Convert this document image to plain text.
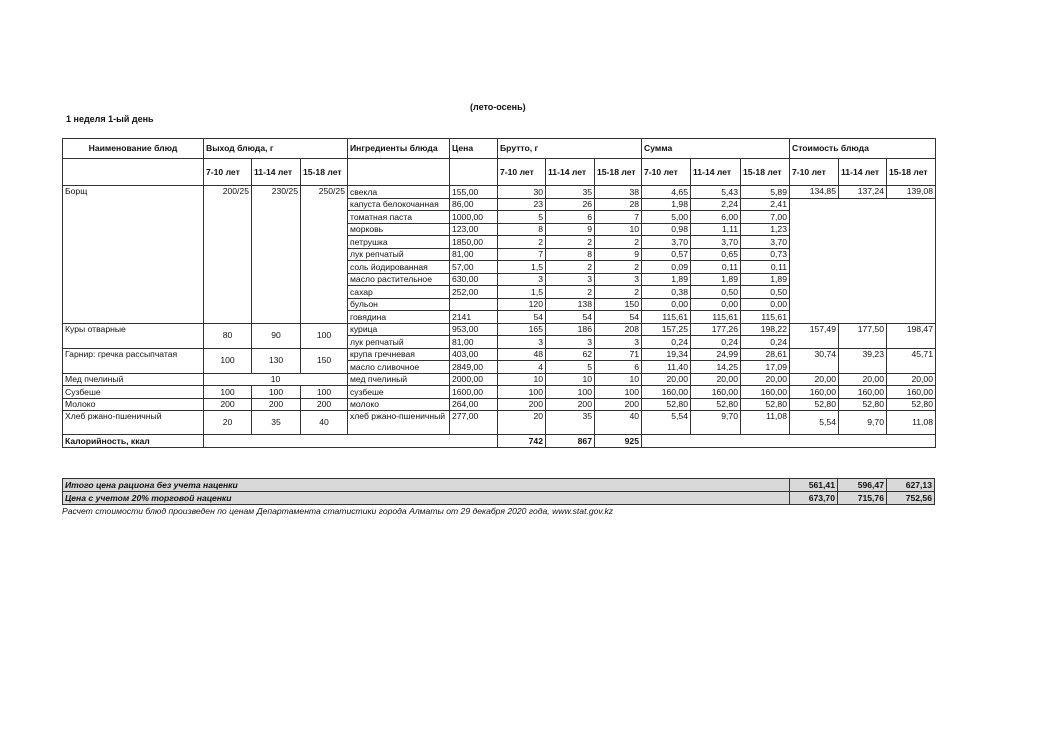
(лето-осень)
1 неделя 1-ый день
Наименование блюд	Выход блюда, г			Ингредиенты блюда	Цена	Брутто, г			Сумма			Стоимость блюда		
	7-10 лет	11-14 лет	15-18 лет			7-10 лет	11-14 лет	15-18 лет	7-10 лет	11-14 лет	15-18 лет	7-10 лет	11-14 лет	15-18 лет
Борщ	200/25	230/25	250/25	свекла	155,00	30	35	38	4,65	5,43	5,89	134,85	137,24	139,08
				капуста белокочанная	86,00	23	26	28	1,98	2,24	2,41			
				томатная паста	1000,00	5	6	7	5,00	6,00	7,00			
				морковь	123,00	8	9	10	0,98	1,11	1,23			
				петрушка	1850,00	2	2	2	3,70	3,70	3,70			
				лук репчатый	81,00	7	8	9	0,57	0,65	0,73			
				соль йодированная	57,00	1,5	2	2	0,09	0,11	0,11			
				масло растительное	630,00	3	3	3	1,89	1,89	1,89			
				сахар	252,00	1,5	2	2	0,38	0,50	0,50			
				бульон		120	138	150	0,00	0,00	0,00			
				говядина	2141	54	54	54	115,61	115,61	115,61			
Куры отварные	80	90	100	курица	953,00	165	186	208	157,25	177,26	198,22	157,49	177,50	198,47
				лук репчатый	81,00	3	3	3	0,24	0,24	0,24			
Гарнир: гречка рассыпчатая	100	130	150	крупа гречневая	403,00	48	62	71	19,34	24,99	28,61	30,74	39,23	45,71
				масло сливочное	2849,00	4	5	6	11,40	14,25	17,09			
Мед пчелиный	10			мед пчелиный	2000,00	10	10	10	20,00	20,00	20,00	20,00	20,00	20,00
Сузбеше	100	100	100	сузбеше	1600,00	100	100	100	160,00	160,00	160,00	160,00	160,00	160,00
Молоко	200	200	200	молоко	264,00	200	200	200	52,80	52,80	52,80	52,80	52,80	52,80
Хлеб ржано-пшеничный	20	35	40	хлеб ржано-пшеничный	277,00	20	35	40	5,54	9,70	11,08	5,54	9,70	11,08
Калорийность, ккал						742	867	925						
Итого цена рациона без учета наценки	561,41	596,47	627,13
Цена с учетом 20% торговой наценки	673,70	715,76	752,56
Расчет стоимости блюд произведен по ценам Департамента статистики города Алматы от 29 декабря 2020 года, www.stat.gov.kz
